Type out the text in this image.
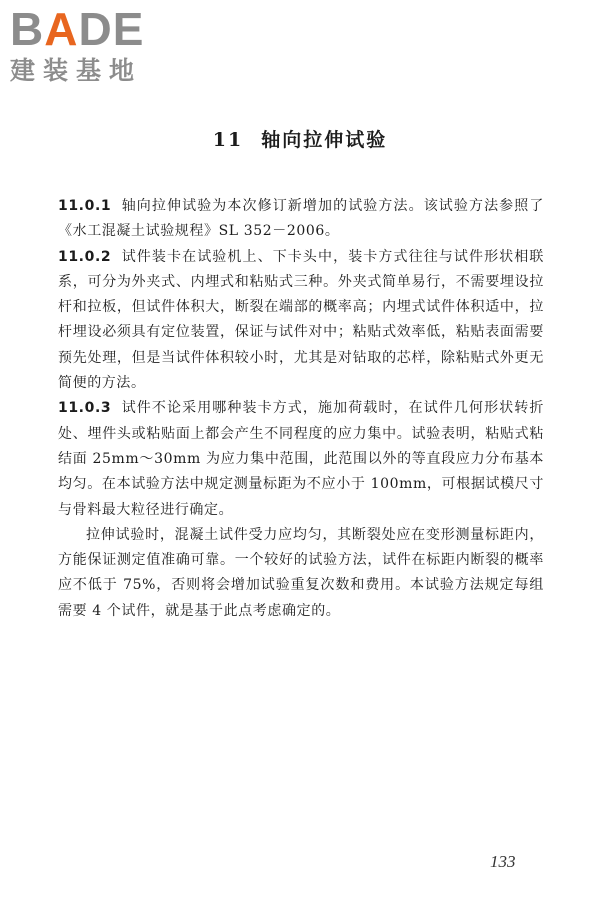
BADE
建装基地
11 轴向拉伸试验

11.0.1 轴向拉伸试验为本次修订新增加的试验方法。该试验方法参照了《水工混凝土试验规程》SL 352－2006。

11.0.2 试件装卡在试验机上、下卡头中，装卡方式往往与试件形状相联系，可分为外夹式、内埋式和粘贴式三种。外夹式简单易行，不需要埋设拉杆和拉板，但试件体积大，断裂在端部的概率高；内埋式试件体积适中，拉杆埋设必须具有定位装置，保证与试件对中；粘贴式效率低，粘贴表面需要预先处理，但是当试件体积较小时，尤其是对钻取的芯样，除粘贴式外更无简便的方法。

11.0.3 试件不论采用哪种装卡方式，施加荷载时，在试件几何形状转折处、埋件头或粘贴面上都会产生不同程度的应力集中。试验表明，粘贴式粘结面 25mm～30mm 为应力集中范围，此范围以外的等直段应力分布基本均匀。在本试验方法中规定测量标距为不应小于 100mm，可根据试模尺寸与骨料最大粒径进行确定。

拉伸试验时，混凝土试件受力应均匀，其断裂处应在变形测量标距内，方能保证测定值准确可靠。一个较好的试验方法，试件在标距内断裂的概率应不低于 75%，否则将会增加试验重复次数和费用。本试验方法规定每组需要 4 个试件，就是基于此点考虑确定的。

133
